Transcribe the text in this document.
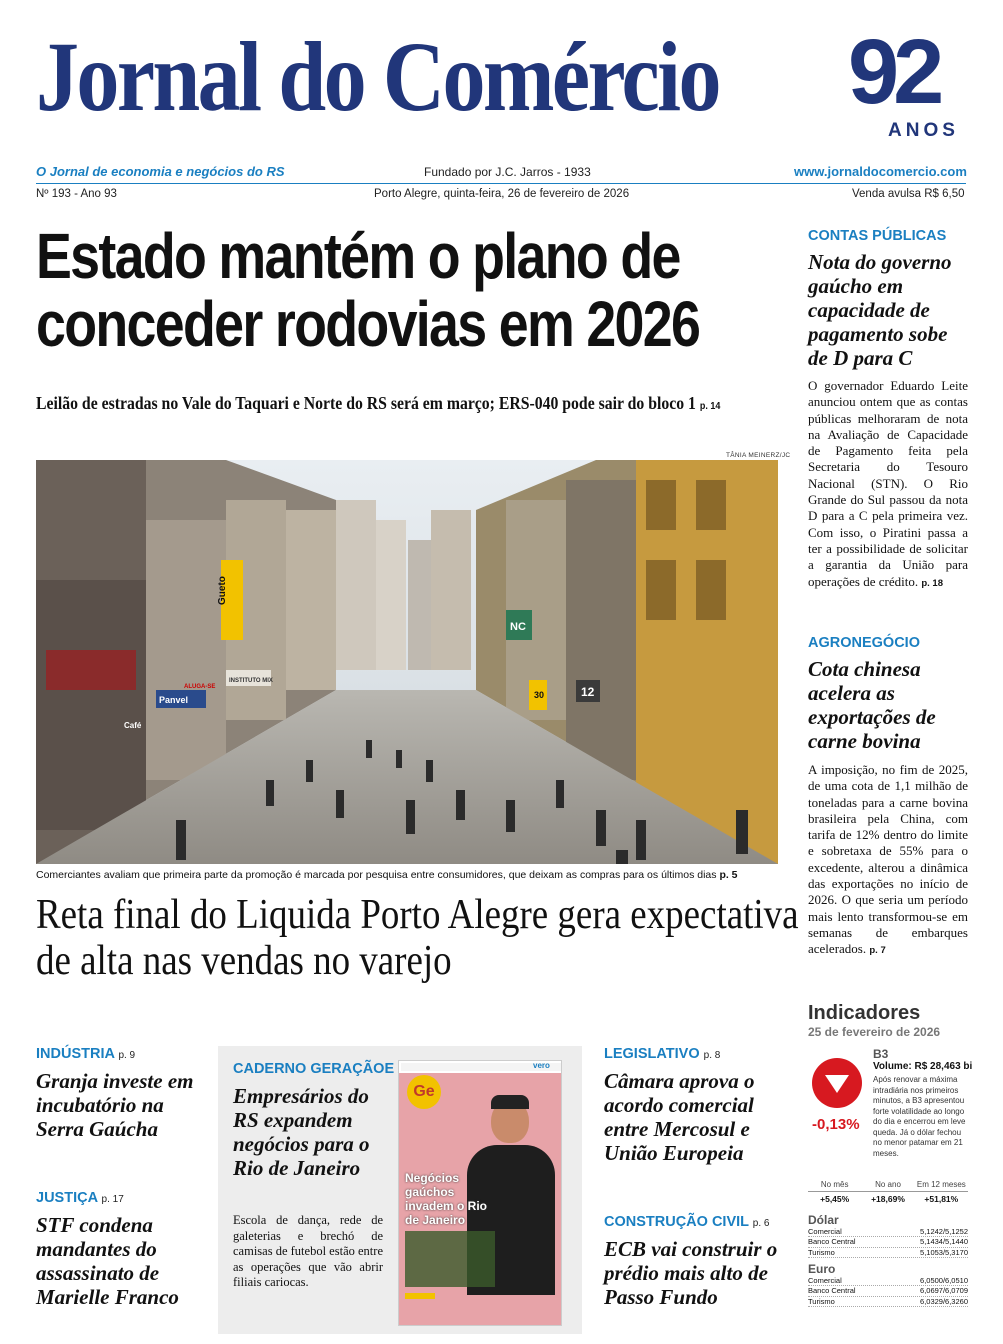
Jornal do Comércio 92
ANOS
O Jornal de economia e negócios do RS	Fundado por J.C. Jarros - 1933	www.jornaldocomercio.com
Nº 193 - Ano 93	Porto Alegre, quinta-feira, 26 de fevereiro de 2026	Venda avulsa R$ 6,50
Estado mantém o plano de conceder rodovias em 2026
Leilão de estradas no Vale do Taquari e Norte do RS será em março; ERS-040 pode sair do bloco 1 p. 14
TÂNIA MEINERZ/JC
Gueto
30	12
NC
Panvel
Café
INSTITUTO MIX
ALUGA-SE
Comerciantes avaliam que primeira parte da promoção é marcada por pesquisa entre consumidores, que deixam as compras para os últimos dias p. 5
Reta final do Liquida Porto Alegre gera expectativa de alta nas vendas no varejo
CONTAS PÚBLICAS
Nota do governo gaúcho em capacidade de pagamento sobe de D para C
O governador Eduardo Leite anunciou ontem que as contas públicas melhoraram de nota na Avaliação de Capacidade de Pagamento feita pela Secretaria do Tesouro Nacional (STN). O Rio Grande do Sul passou da nota D para a C pela primeira vez. Com isso, o Piratini passa a ter a possibilidade de solicitar a garantia da União para operações de crédito. p. 18
AGRONEGÓCIO
Cota chinesa acelera as exportações de carne bovina
A imposição, no fim de 2025, de uma cota de 1,1 milhão de toneladas para a carne bovina brasileira pela China, com tarifa de 12% dentro do limite e sobretaxa de 55% para o excedente, alterou a dinâmica das exportações no início de 2026. O que seria um período mais lento transformou-se em semanas de embarques acelerados. p. 7
INDÚSTRIA p. 9
Granja investe em incubatório na Serra Gaúcha
JUSTIÇA p. 17
STF condena mandantes do assassinato de Marielle Franco
CADERNO GERAÇÃOE
Empresários do RS expandem negócios para o Rio de Janeiro
Escola de dança, rede de galeterias e brechó de camisas de futebol estão entre as operações que vão abrir filiais cariocas.
vero
Ge
Negócios gaúchos invadem o Rio de Janeiro
LEGISLATIVO p. 8
Câmara aprova o acordo comercial entre Mercosul e União Europeia
CONSTRUÇÃO CIVIL p. 6
ECB vai construir o prédio mais alto de Passo Fundo
Indicadores
25 de fevereiro de 2026
-0,13%
B3
Volume: R$ 28,463 bi
Após renovar a máxima intradiária nos primeiros minutos, a B3 apresentou forte volatilidade ao longo do dia e encerrou em leve queda. Já o dólar fechou no menor patamar em 21 meses.
No mês	No ano	Em 12 meses
+5,45%	+18,69%	+51,81%
Dólar
Comercial	5,1242/5,1252
Banco Central	5,1434/5,1440
Turismo	5,1053/5,3170
Euro
Comercial	6,0500/6,0510
Banco Central	6,0697/6,0709
Turismo	6,0329/6,3260
